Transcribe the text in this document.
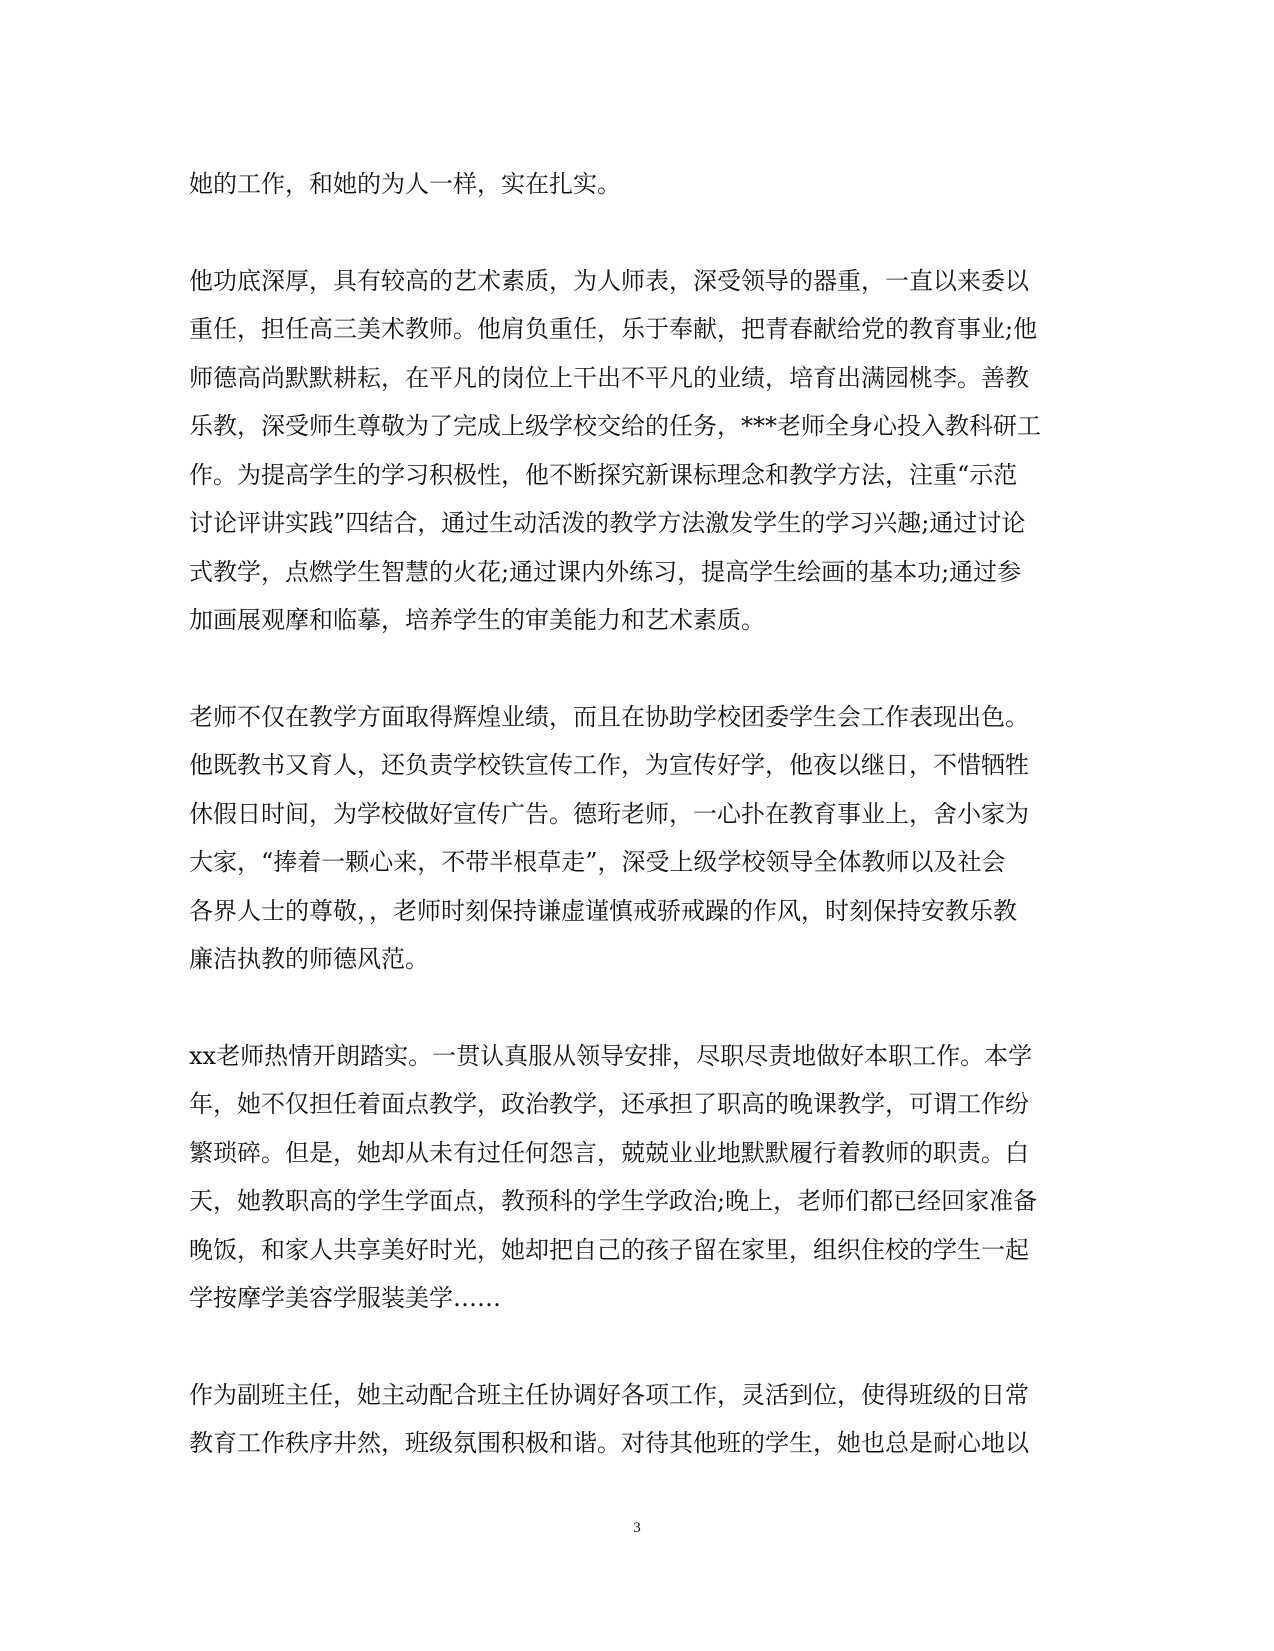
她的工作，和她的为人一样，实在扎实。
他功底深厚，具有较高的艺术素质，为人师表，深受领导的器重，一直以来委以
重任，担任高三美术教师。他肩负重任，乐于奉献，把青春献给党的教育事业;他
师德高尚默默耕耘，在平凡的岗位上干出不平凡的业绩，培育出满园桃李。善教
乐教，深受师生尊敬为了完成上级学校交给的任务，***老师全身心投入教科研工
作。为提高学生的学习积极性，他不断探究新课标理念和教学方法，注重“示范
讨论评讲实践”四结合，通过生动活泼的教学方法激发学生的学习兴趣;通过讨论
式教学，点燃学生智慧的火花;通过课内外练习，提高学生绘画的基本功;通过参
加画展观摩和临摹，培养学生的审美能力和艺术素质。
老师不仅在教学方面取得辉煌业绩，而且在协助学校团委学生会工作表现出色。
他既教书又育人，还负责学校铁宣传工作，为宣传好学，他夜以继日，不惜牺牲
休假日时间，为学校做好宣传广告。德珩老师，一心扑在教育事业上，舍小家为
大家，“捧着一颗心来，不带半根草走”，深受上级学校领导全体教师以及社会
各界人士的尊敬，，老师时刻保持谦虚谨慎戒骄戒躁的作风，时刻保持安教乐教
廉洁执教的师德风范。
xx老师热情开朗踏实。一贯认真服从领导安排，尽职尽责地做好本职工作。本学
年，她不仅担任着面点教学，政治教学，还承担了职高的晚课教学，可谓工作纷
繁琐碎。但是，她却从未有过任何怨言，兢兢业业地默默履行着教师的职责。白
天，她教职高的学生学面点，教预科的学生学政治;晚上，老师们都已经回家准备
晚饭，和家人共享美好时光，她却把自己的孩子留在家里，组织住校的学生一起
学按摩学美容学服装美学……
作为副班主任，她主动配合班主任协调好各项工作，灵活到位，使得班级的日常
教育工作秩序井然，班级氛围积极和谐。对待其他班的学生，她也总是耐心地以
3
